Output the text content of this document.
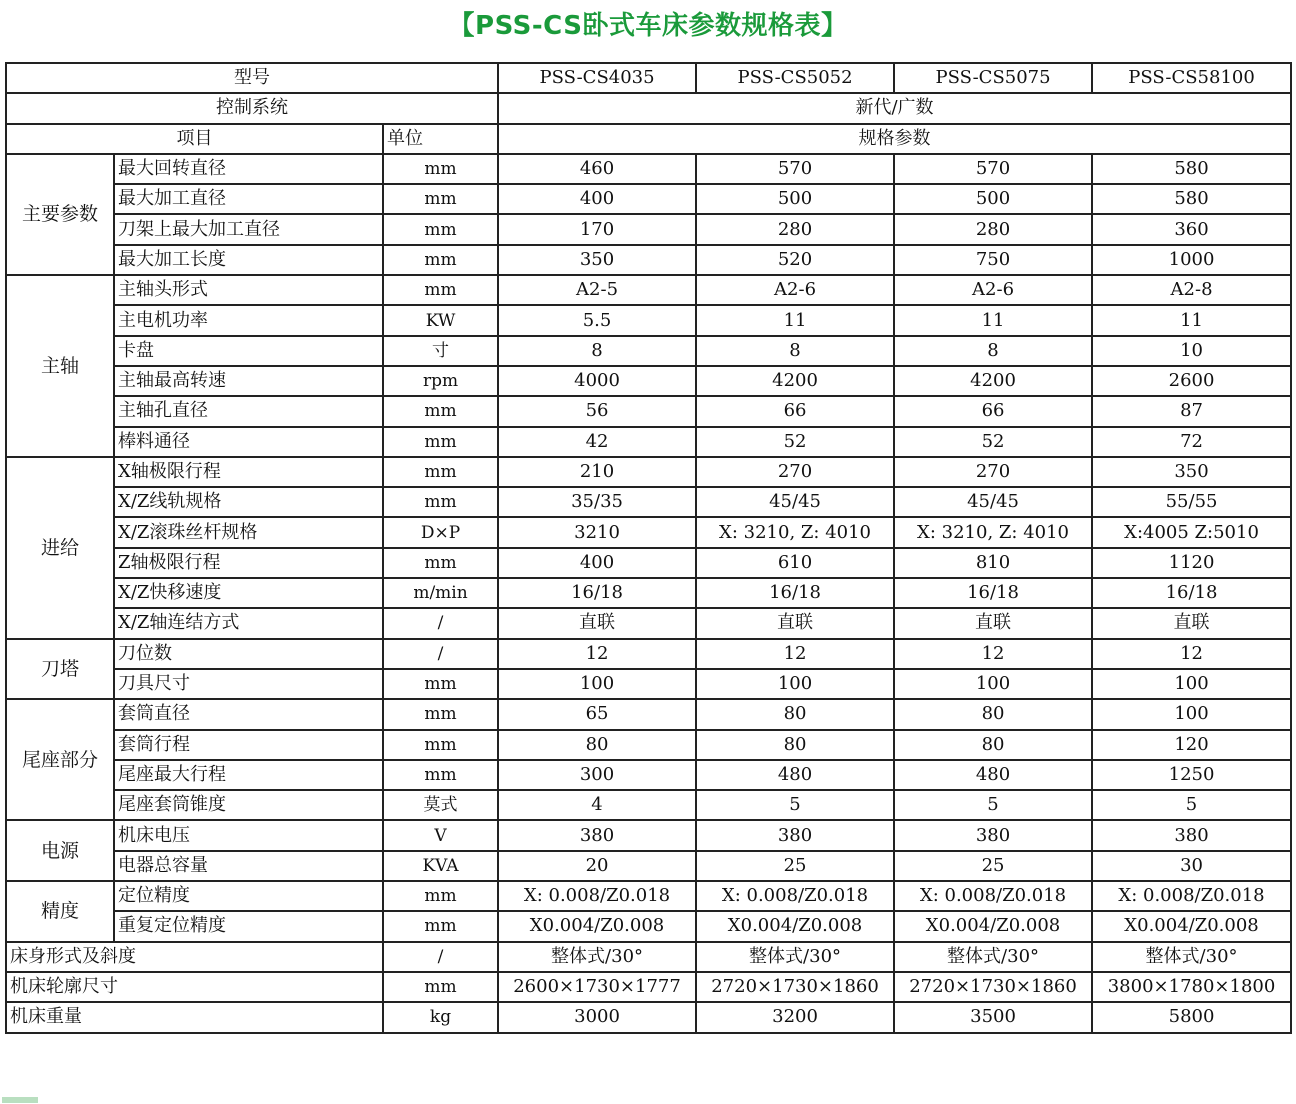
【PSS-CS卧式车床参数规格表】
型号			PSS-CS4035	PSS-CS5052	PSS-CS5075	PSS-CS58100
控制系统			新代/广数			
项目		单位	规格参数			
主要参数	最大回转直径	mm	460	570	570	580
	最大加工直径	mm	400	500	500	580
	刀架上最大加工直径	mm	170	280	280	360
	最大加工长度	mm	350	520	750	1000
主轴	主轴头形式	mm	A2-5	A2-6	A2-6	A2-8
	主电机功率	KW	5.5	11	11	11
	卡盘	寸	8	8	8	10
	主轴最高转速	rpm	4000	4200	4200	2600
	主轴孔直径	mm	56	66	66	87
	棒料通径	mm	42	52	52	72
进给	X轴极限行程	mm	210	270	270	350
	X/Z线轨规格	mm	35/35	45/45	45/45	55/55
	X/Z滚珠丝杆规格	D×P	3210	X: 3210, Z: 4010	X: 3210, Z: 4010	X:4005 Z:5010
	Z轴极限行程	mm	400	610	810	1120
	X/Z快移速度	m/min	16/18	16/18	16/18	16/18
	X/Z轴连结方式	/	直联	直联	直联	直联
刀塔	刀位数	/	12	12	12	12
	刀具尺寸	mm	100	100	100	100
尾座部分	套筒直径	mm	65	80	80	100
	套筒行程	mm	80	80	80	120
	尾座最大行程	mm	300	480	480	1250
	尾座套筒锥度	莫式	4	5	5	5
电源	机床电压	V	380	380	380	380
	电器总容量	KVA	20	25	25	30
精度	定位精度	mm	X: 0.008/Z0.018	X: 0.008/Z0.018	X: 0.008/Z0.018	X: 0.008/Z0.018
	重复定位精度	mm	X0.004/Z0.008	X0.004/Z0.008	X0.004/Z0.008	X0.004/Z0.008
床身形式及斜度		/	整体式/30°	整体式/30°	整体式/30°	整体式/30°
机床轮廓尺寸		mm	2600×1730×1777	2720×1730×1860	2720×1730×1860	3800×1780×1800
机床重量		kg	3000	3200	3500	5800
